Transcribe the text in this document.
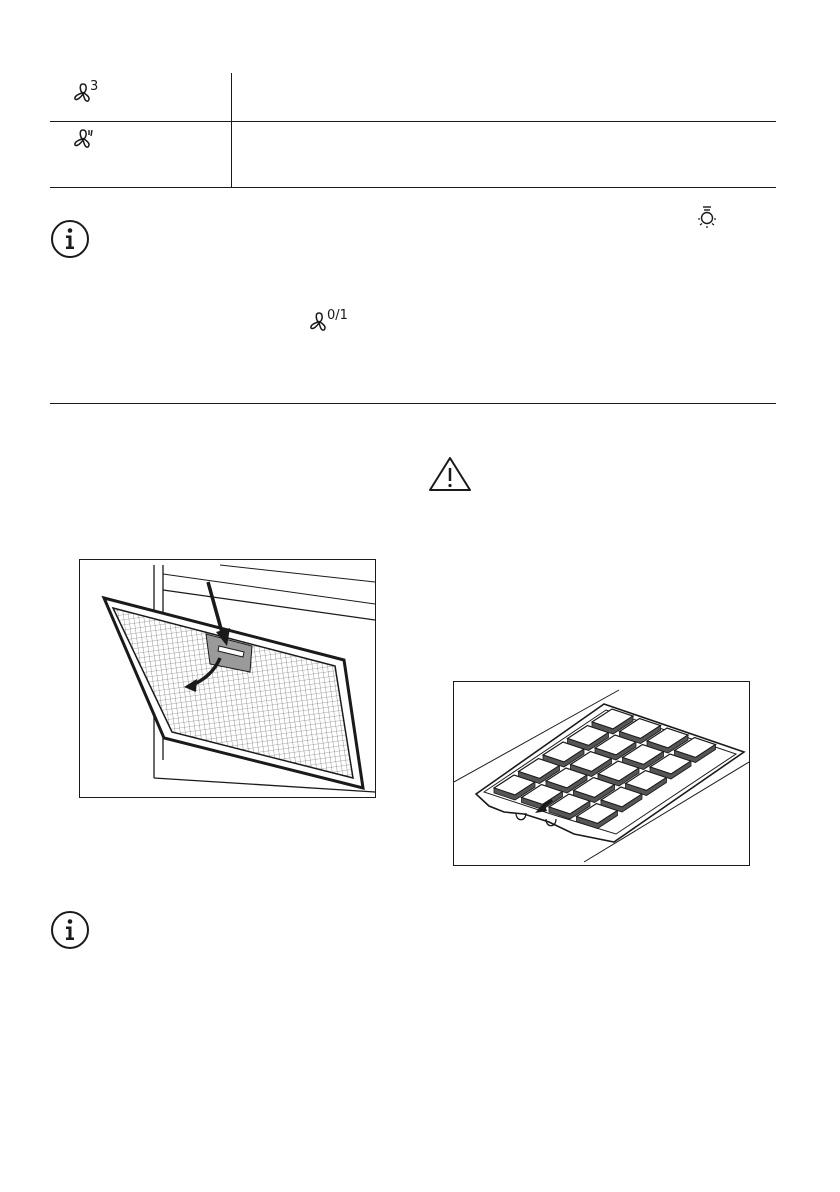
3
0/1
